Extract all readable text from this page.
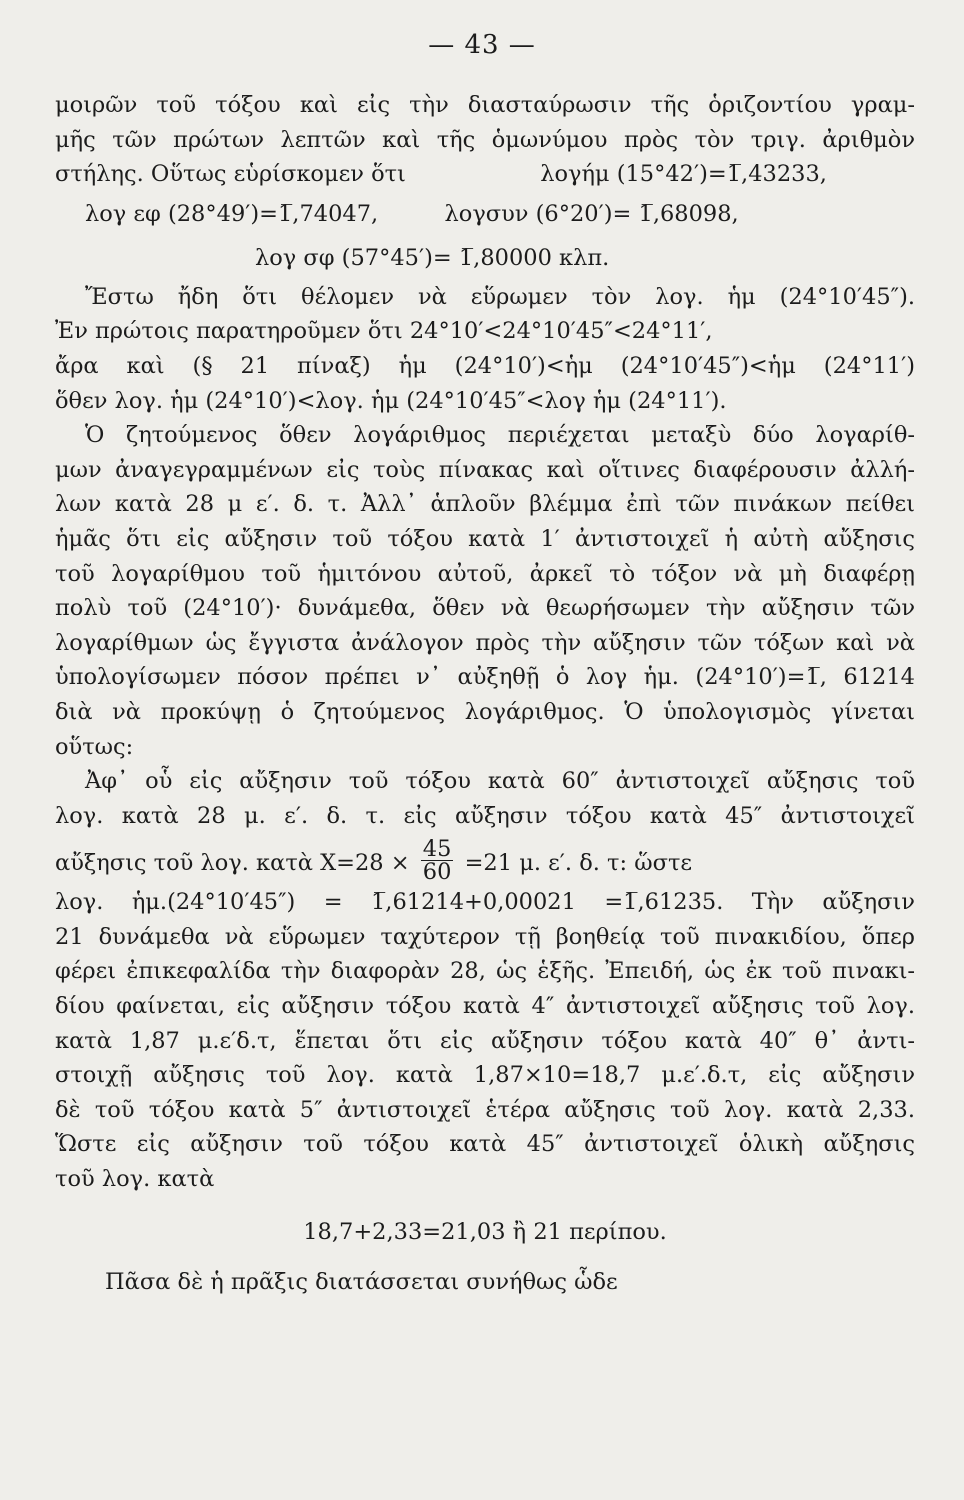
— 43 —
μοιρῶν τοῦ τόξου καὶ εἰς τὴν διασταύρωσιν τῆς ὁριζοντίου γραμ-
μῆς τῶν πρώτων λεπτῶν καὶ τῆς ὁμωνύμου πρὸς τὸν τριγ. ἀριθμὸν
στήλης. Οὕτως εὑρίσκομεν ὅτι	λογήμ (15°42′)=1̅,43233,
λογ εφ (28°49′)=1̅,74047,	λογσυν (6°20′)= 1̅,68098,
λογ σφ (57°45′)= 1̅,80000 κλπ.
Ἔστω ἤδη ὅτι θέλομεν νὰ εὕρωμεν τὸν λογ. ἡμ (24°10′45″).
Ἐν πρώτοις παρατηροῦμεν ὅτι 24°10′<24°10′45″<24°11′,
ἄρα καὶ (§ 21 πίναξ) ἡμ (24°10′)<ἡμ (24°10′45″)<ἡμ (24°11′)
ὅθεν λογ. ἡμ (24°10′)<λογ. ἡμ (24°10′45″<λογ ἡμ (24°11′).
Ὁ ζητούμενος ὅθεν λογάριθμος περιέχεται μεταξὺ δύο λογαρίθ-
μων ἀναγεγραμμένων εἰς τοὺς πίνακας καὶ οἵτινες διαφέρουσιν ἀλλή-
λων κατὰ 28 μ ε′. δ. τ. Ἀλλ᾽ ἁπλοῦν βλέμμα ἐπὶ τῶν πινάκων πείθει
ἡμᾶς ὅτι εἰς αὔξησιν τοῦ τόξου κατὰ 1′ ἀντιστοιχεῖ ἡ αὐτὴ αὔξησις
τοῦ λογαρίθμου τοῦ ἡμιτόνου αὐτοῦ, ἀρκεῖ τὸ τόξον νὰ μὴ διαφέρῃ
πολὺ τοῦ (24°10′)· δυνάμεθα, ὅθεν νὰ θεωρήσωμεν τὴν αὔξησιν τῶν
λογαρίθμων ὡς ἔγγιστα ἀνάλογον πρὸς τὴν αὔξησιν τῶν τόξων καὶ νὰ
ὑπολογίσωμεν πόσον πρέπει ν᾽ αὐξηθῇ ὁ λογ ἡμ. (24°10′)=1̅, 61214
διὰ νὰ προκύψῃ ὁ ζητούμενος λογάριθμος. Ὁ ὑπολογισμὸς γίνεται
οὕτως:
Ἀφ᾽ οὗ εἰς αὔξησιν τοῦ τόξου κατὰ 60″ ἀντιστοιχεῖ αὔξησις τοῦ
λογ. κατὰ 28 μ. ε′. δ. τ. εἰς αὔξησιν τόξου κατὰ 45″ ἀντιστοιχεῖ
αὔξησις τοῦ λογ. κατὰ $X=28 \times \frac{45}{60} =21$ μ. ε′. δ. τ: ὥστε
λογ. ἡμ.(24°10′45″) = 1̅,61214+0,00021 =1̅,61235. Τὴν αὔξησιν
21 δυνάμεθα νὰ εὕρωμεν ταχύτερον τῇ βοηθείᾳ τοῦ πινακιδίου, ὅπερ
φέρει ἐπικεφαλίδα τὴν διαφορὰν 28, ὡς ἑξῆς. Ἐπειδή, ὡς ἐκ τοῦ πινακι-
δίου φαίνεται, εἰς αὔξησιν τόξου κατὰ 4″ ἀντιστοιχεῖ αὔξησις τοῦ λογ.
κατὰ 1,87 μ.ε′δ.τ, ἕπεται ὅτι εἰς αὔξησιν τόξου κατὰ 40″ θ᾽ ἀντι-
στοιχῇ αὔξησις τοῦ λογ. κατὰ 1,87×10=18,7 μ.ε′.δ.τ, εἰς αὔξησιν
δὲ τοῦ τόξου κατὰ 5″ ἀντιστοιχεῖ ἑτέρα αὔξησις τοῦ λογ. κατὰ 2,33.
Ὥστε εἰς αὔξησιν τοῦ τόξου κατὰ 45″ ἀντιστοιχεῖ ὁλικὴ αὔξησις
τοῦ λογ. κατὰ
18,7+2,33=21,03 ἢ 21 περίπου.
Πᾶσα δὲ ἡ πρᾶξις διατάσσεται συνήθως ὧδε
